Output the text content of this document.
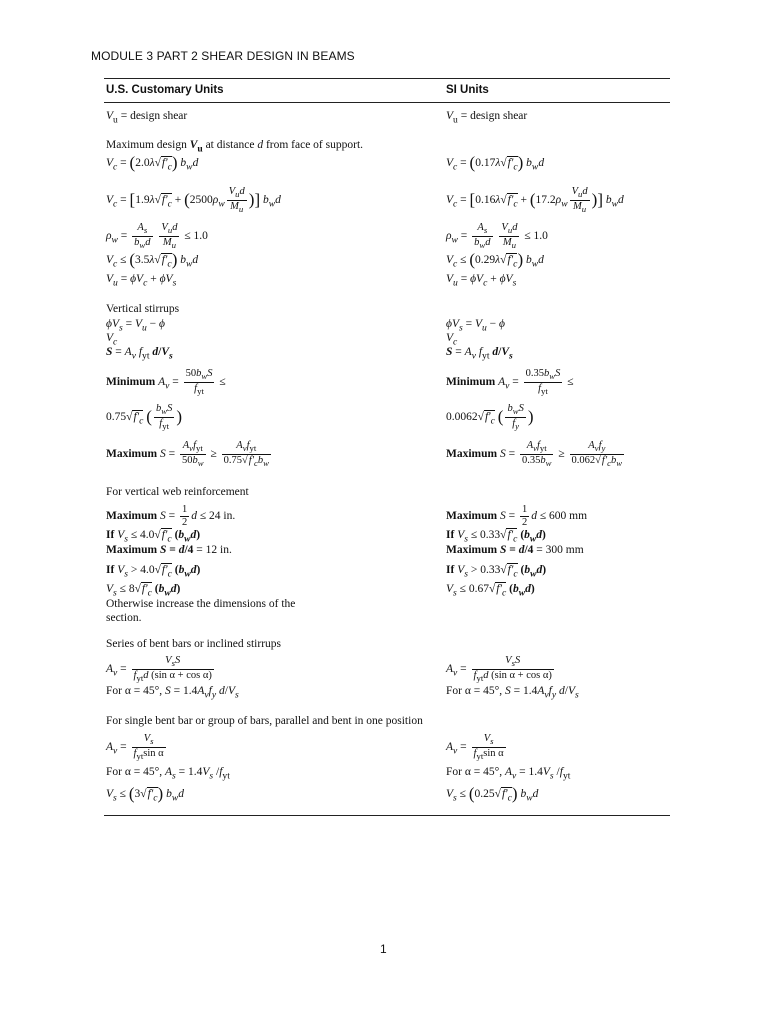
MODULE 3 PART 2 SHEAR DESIGN IN BEAMS
U.S. Customary Units	SI Units
$V_u$ = design shear
Maximum design $V_u$ at distance d from face of support.
$V_c = (2.0\lambda√f'_c)$ $b_wd$
$V_c = [1.9\lambda√f'_c + (2500\rho_w$
$V_ud$
$M_u$ )] $b_wd$
$\rho_w$ =
$A_s$
$b_wd$

$V_ud$
$M_u$
≤ 1.0
$V_c \le (3.5\lambda√f'_c)$ $b_wd$
$V_u = \phi V_c + \phi V_s$
Vertical stirrups
$\phi V_s = V_u - \phi$
$V_c$
$S = A_v$ $f_{yt}$ $d/V_s$
Minimum $A_v$ =
$50b_wS$
$f_{yt}$
≤
$0.75√f'_c$ ( $b_wS$
$f_{yt}$ )
Maximum S =
$A_vf_{yt}$
$50b_w$
≥
$A_vf_{yt}$
$0.75√f'_cb_w$
For vertical web reinforcement
Maximum $S = \frac{1}{2}$ d ≤ 24 in.
If $V_s \le 4.0√f'_c$ $(b_wd)$
Maximum S = d/4 = 12 in.
If $V_s > 4.0√f'_c$ $(b_wd)$
$V_s \le 8√f'_c$ $(b_wd)$
Otherwise increase the dimensions of the
section.
Series of bent bars or inclined stirrups
$A_v$ =
$V_sS$
$f_{yt}d$ (sin α + cos α)
For α = 45°, $S = 1.4A_vf_y$ $d/V_s$
For single bent bar or group of bars, parallel and bent in one position
$A_v$ =
$V_s$
$f_{yt}\sin$ α
For α = 45°, $A_s = 1.4V_s$ $/f_{yt}$
$V_s \le (3√f'_c)$ $b_wd$
$V_u$ = design shear
$V_c = (0.17\lambda√f'_c)$ $b_wd$
$V_c = [0.16\lambda√f'_c + (17.2\rho_w$
$V_ud$
$M_u$ )] $b_wd$
$\rho_w$ =
$A_s$
$b_wd$

$V_ud$
$M_u$
≤ 1.0
$V_c \le (0.29\lambda√f'_c)$ $b_wd$
$V_u = \phi V_c + \phi V_s$
$\phi V_s = V_u - \phi$
$V_c$
$S = A_v$ $f_{yt}$ $d/V_s$
Minimum $A_v$ =
$0.35b_wS$
$f_{yt}$
≤
$0.0062√f'_c$ ( $b_wS$
$f_y$ )
Maximum S =
$A_vf_{yt}$
$0.35b_w$
≥
$A_vf_y$
$0.062√f'_cb_w$
Maximum $S = \frac{1}{2}$ d ≤ 600 mm
If $V_s \le 0.33√f'_c$ $(b_wd)$
Maximum S = d/4 = 300 mm
If $V_s > 0.33√f'_c$ $(b_wd)$
$V_s \le 0.67√f'_c$ $(b_wd)$
$A_v$ =
$V_sS$
$f_{yt}d$ (sin α + cos α)
For α = 45°, $S = 1.4A_vf_y$ $d/V_s$
$A_v$ =
$V_s$
$f_{yt}\sin$ α
For α = 45°, $A_v = 1.4V_s$ $/f_{yt}$
$V_s \le (0.25√f'_c)$ $b_wd$
1
